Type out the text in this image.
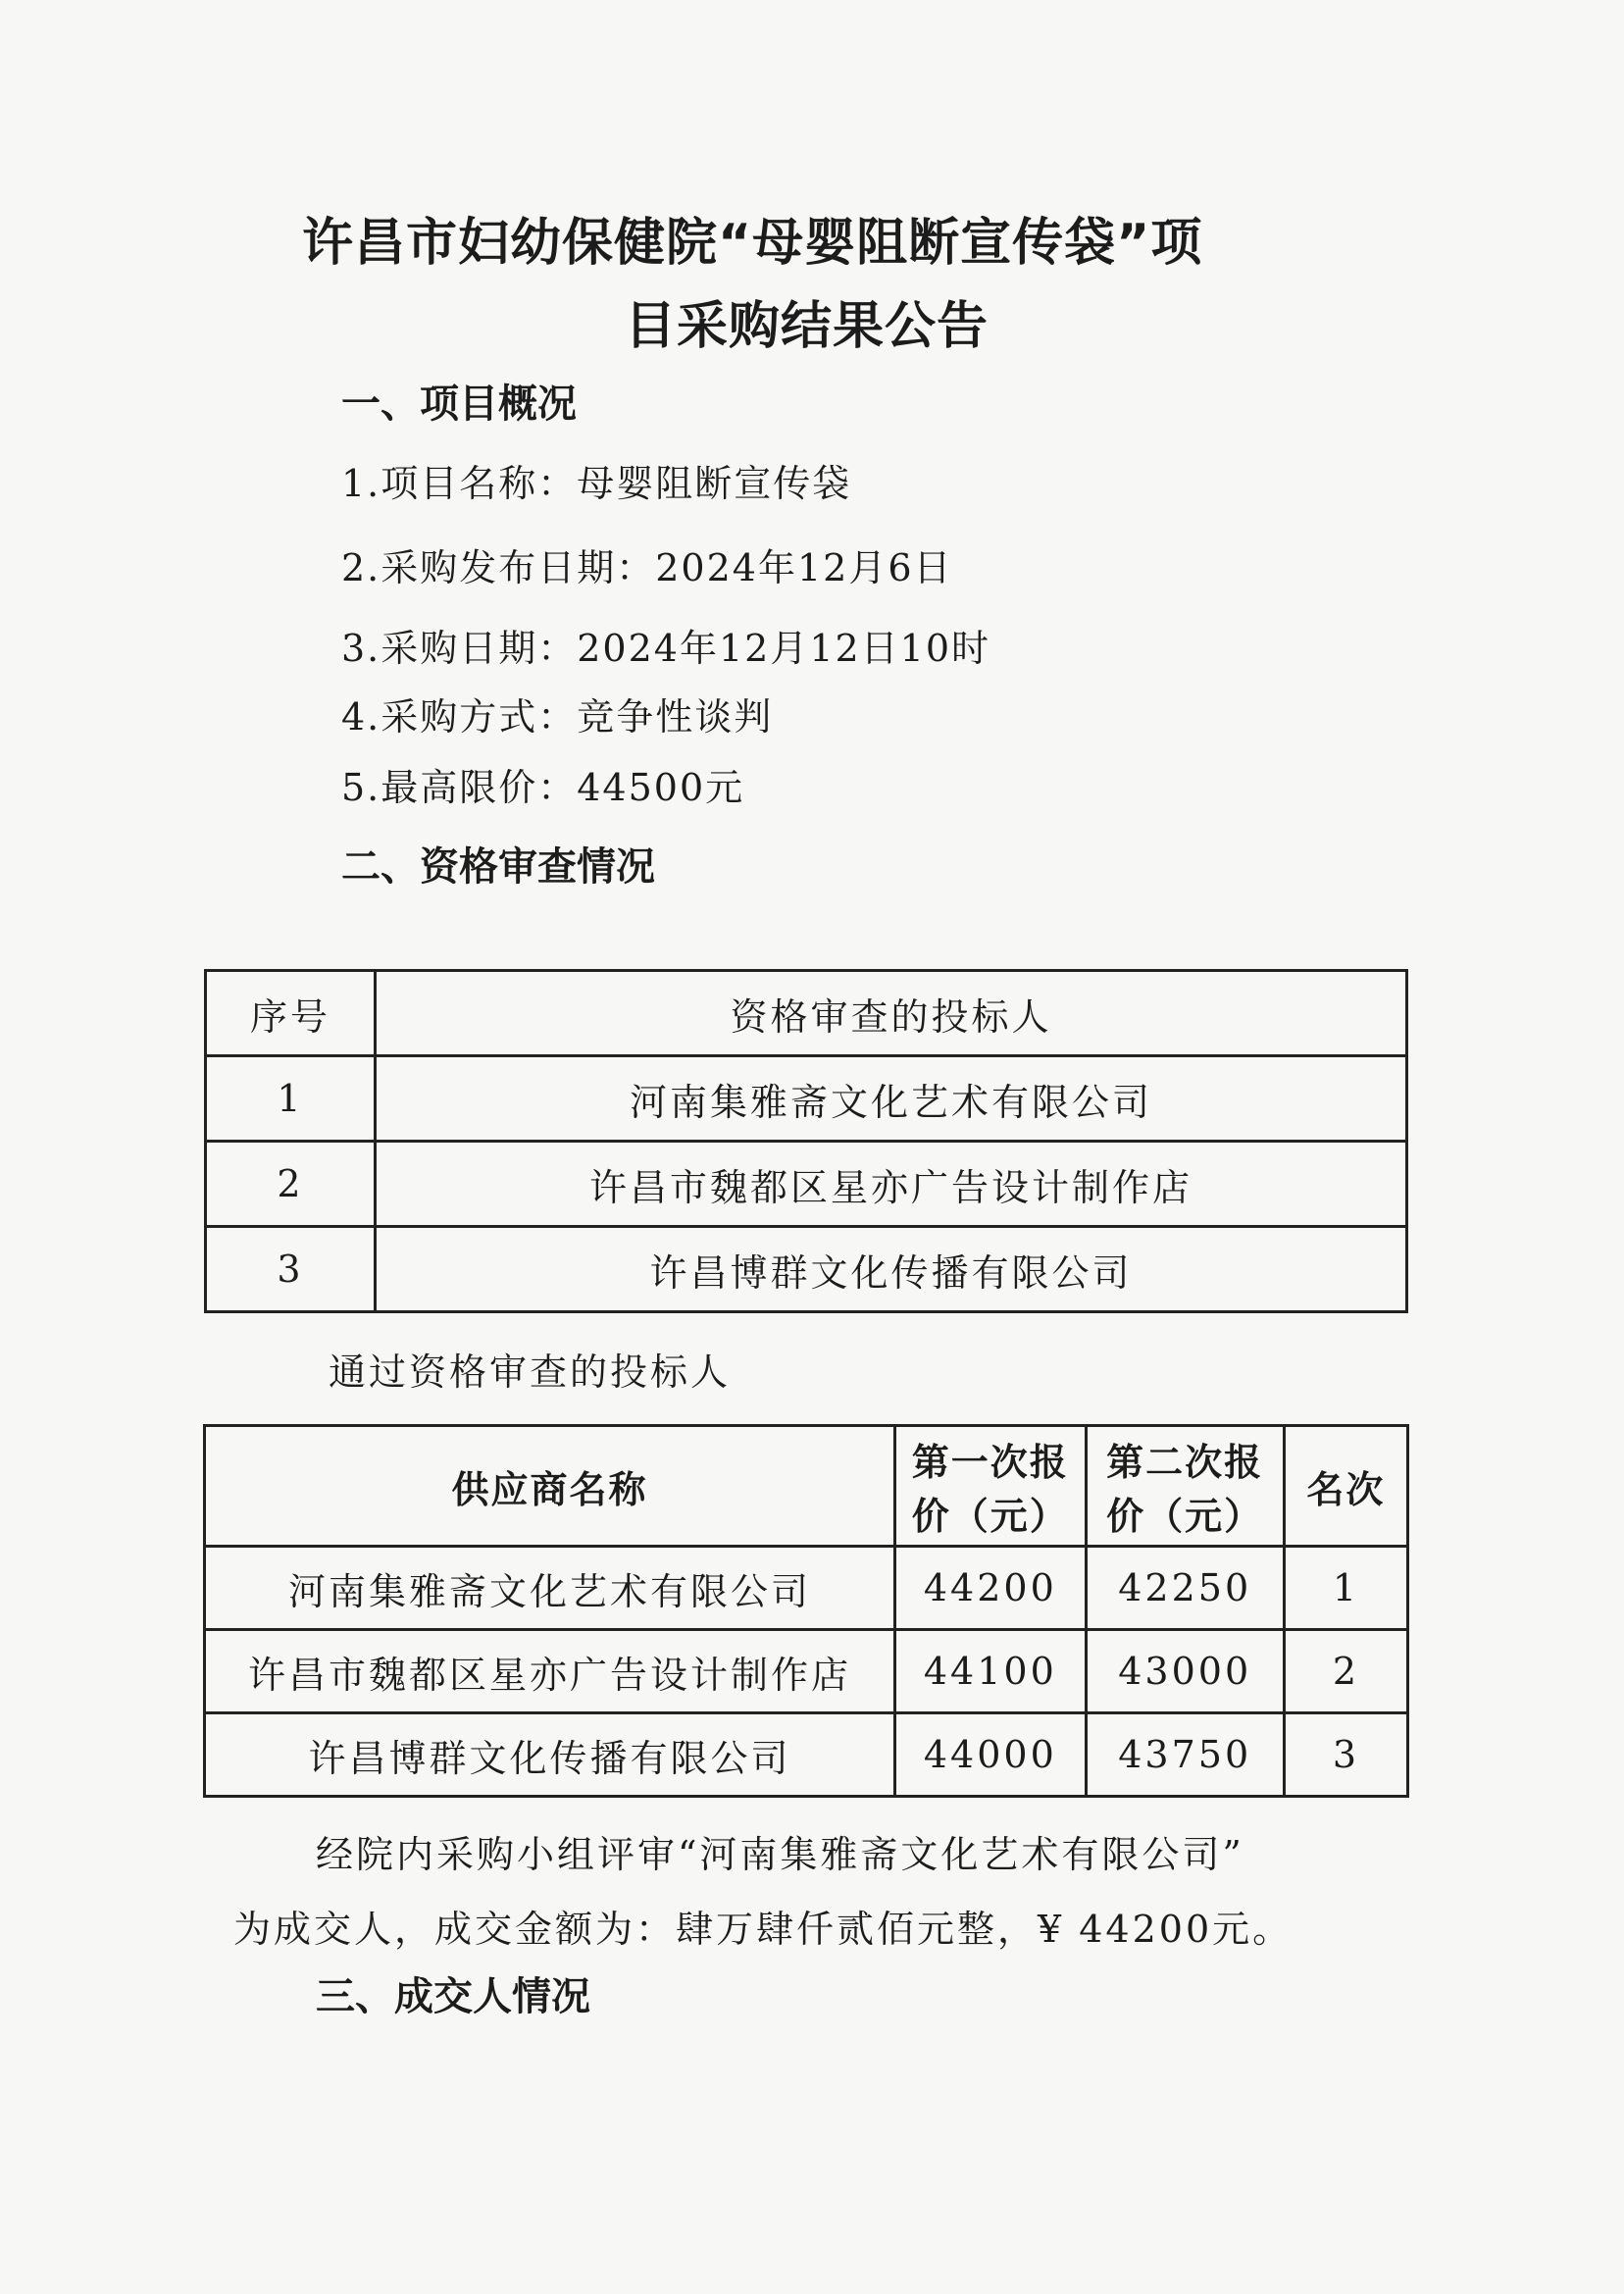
许昌市妇幼保健院“母婴阻断宣传袋”项
目采购结果公告
一、项目概况
1.项目名称：母婴阻断宣传袋
2.采购发布日期：2024年12月6日
3.采购日期：2024年12月12日10时
4.采购方式：竞争性谈判
5.最高限价：44500元
二、资格审查情况
序号	资格审查的投标人
1	河南集雅斋文化艺术有限公司
2	许昌市魏都区星亦广告设计制作店
3	许昌博群文化传播有限公司
通过资格审查的投标人
供应商名称	第一次报价（元）	第二次报价（元）	名次
河南集雅斋文化艺术有限公司	44200	42250	1
许昌市魏都区星亦广告设计制作店	44100	43000	2
许昌博群文化传播有限公司	44000	43750	3
经院内采购小组评审“河南集雅斋文化艺术有限公司”
为成交人，成交金额为：肆万肆仟贰佰元整，¥ 44200元。
三、成交人情况
